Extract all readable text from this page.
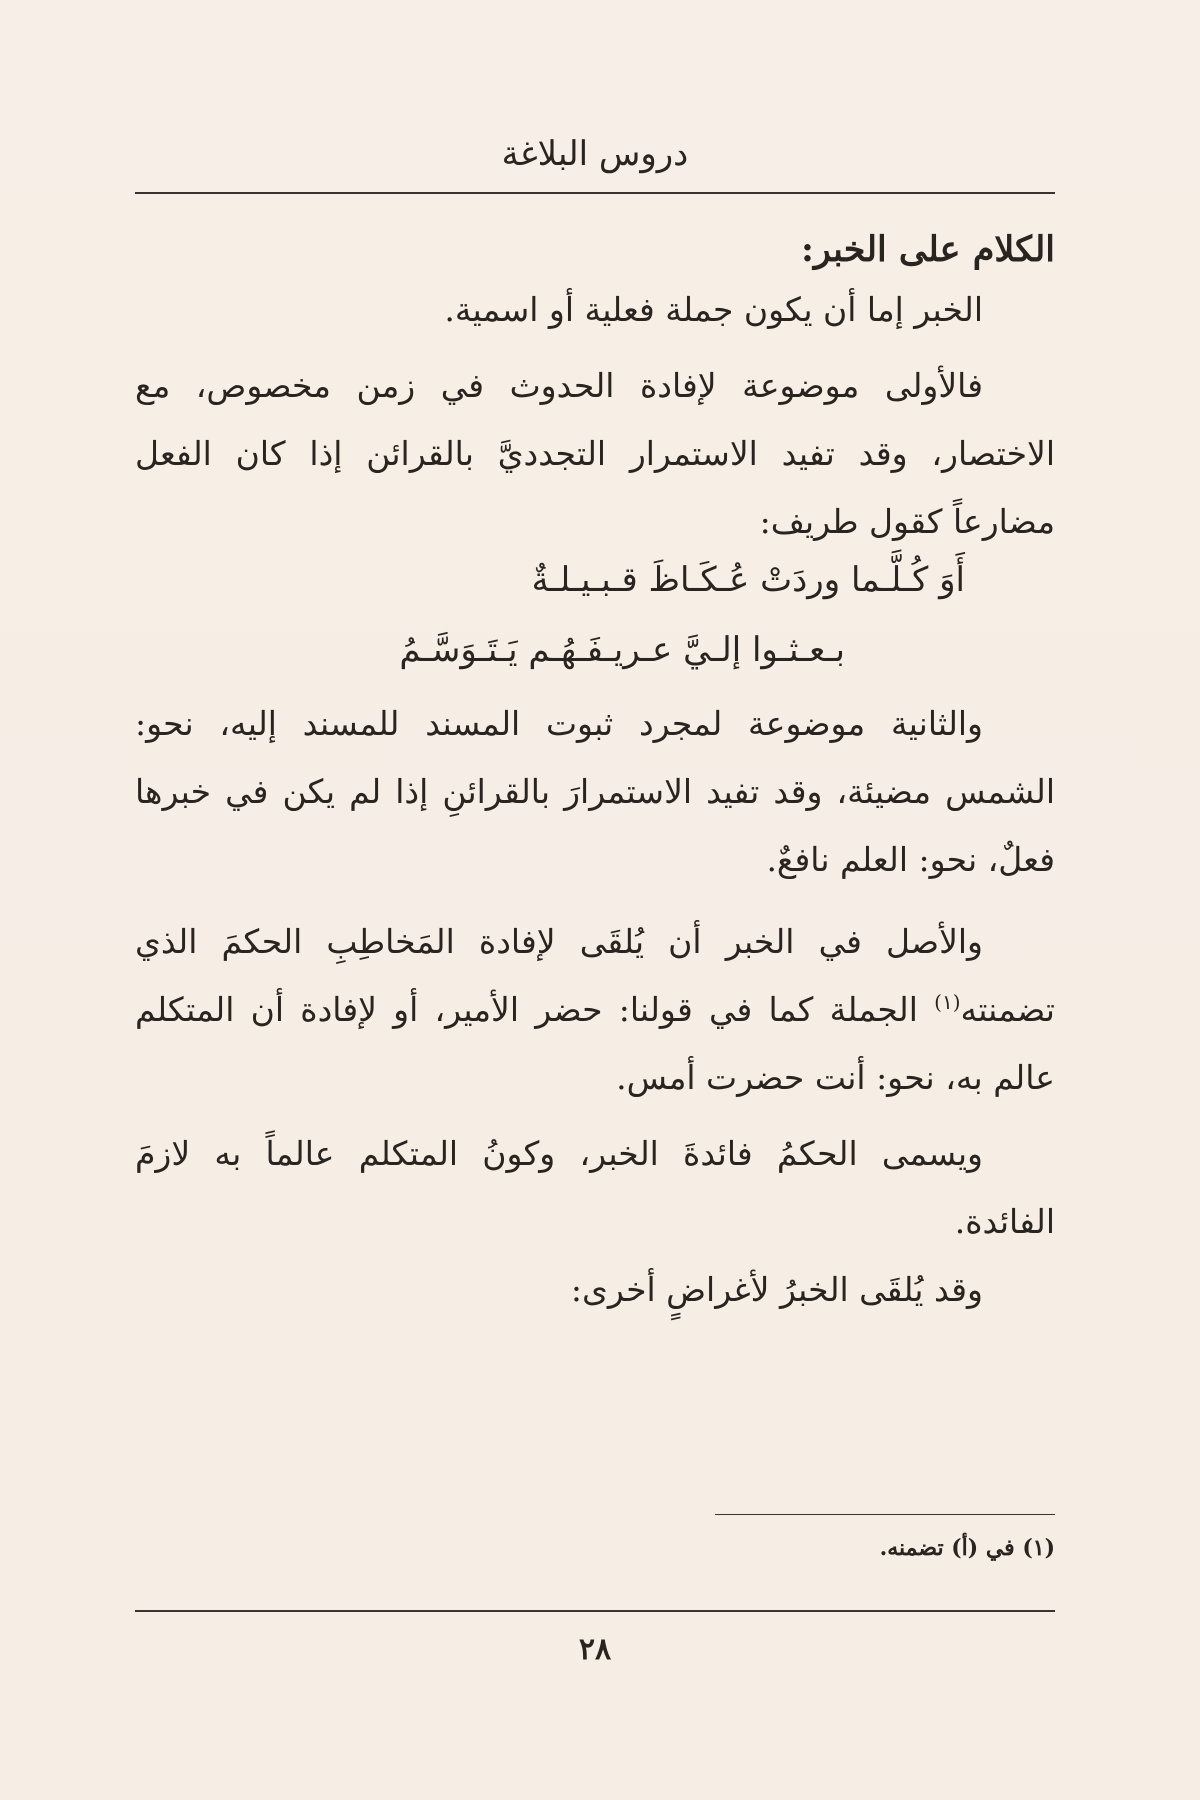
دروس البلاغة
الكلام على الخبر:
الخبر إما أن يكون جملة فعلية أو اسمية.
فالأولى موضوعة لإفادة الحدوث في زمن مخصوص، مع الاختصار، وقد تفيد الاستمرار التجدديَّ بالقرائن إذا كان الفعل مضارعاً كقول طريف:
أَوَ كُـلَّـما وردَتْ عُـكَـاظَ قـبـيـلـةٌ
بـعـثـوا إلـيَّ عـريـفَـهُـم يَـتَـوَسَّـمُ
والثانية موضوعة لمجرد ثبوت المسند للمسند إليه، نحو: الشمس مضيئة، وقد تفيد الاستمرارَ بالقرائنِ إذا لم يكن في خبرها فعلٌ، نحو: العلم نافعٌ.
والأصل في الخبر أن يُلقَى لإفادة المَخاطِبِ الحكمَ الذي تضمنته$^{(١)}$ الجملة كما في قولنا: حضر الأمير، أو لإفادة أن المتكلم عالم به، نحو: أنت حضرت أمس.
ويسمى الحكمُ فائدةَ الخبر، وكونُ المتكلم عالماً به لازمَ الفائدة.
وقد يُلقَى الخبرُ لأغراضٍ أخرى:
(١) في (أ) تضمنه.
٢٨
